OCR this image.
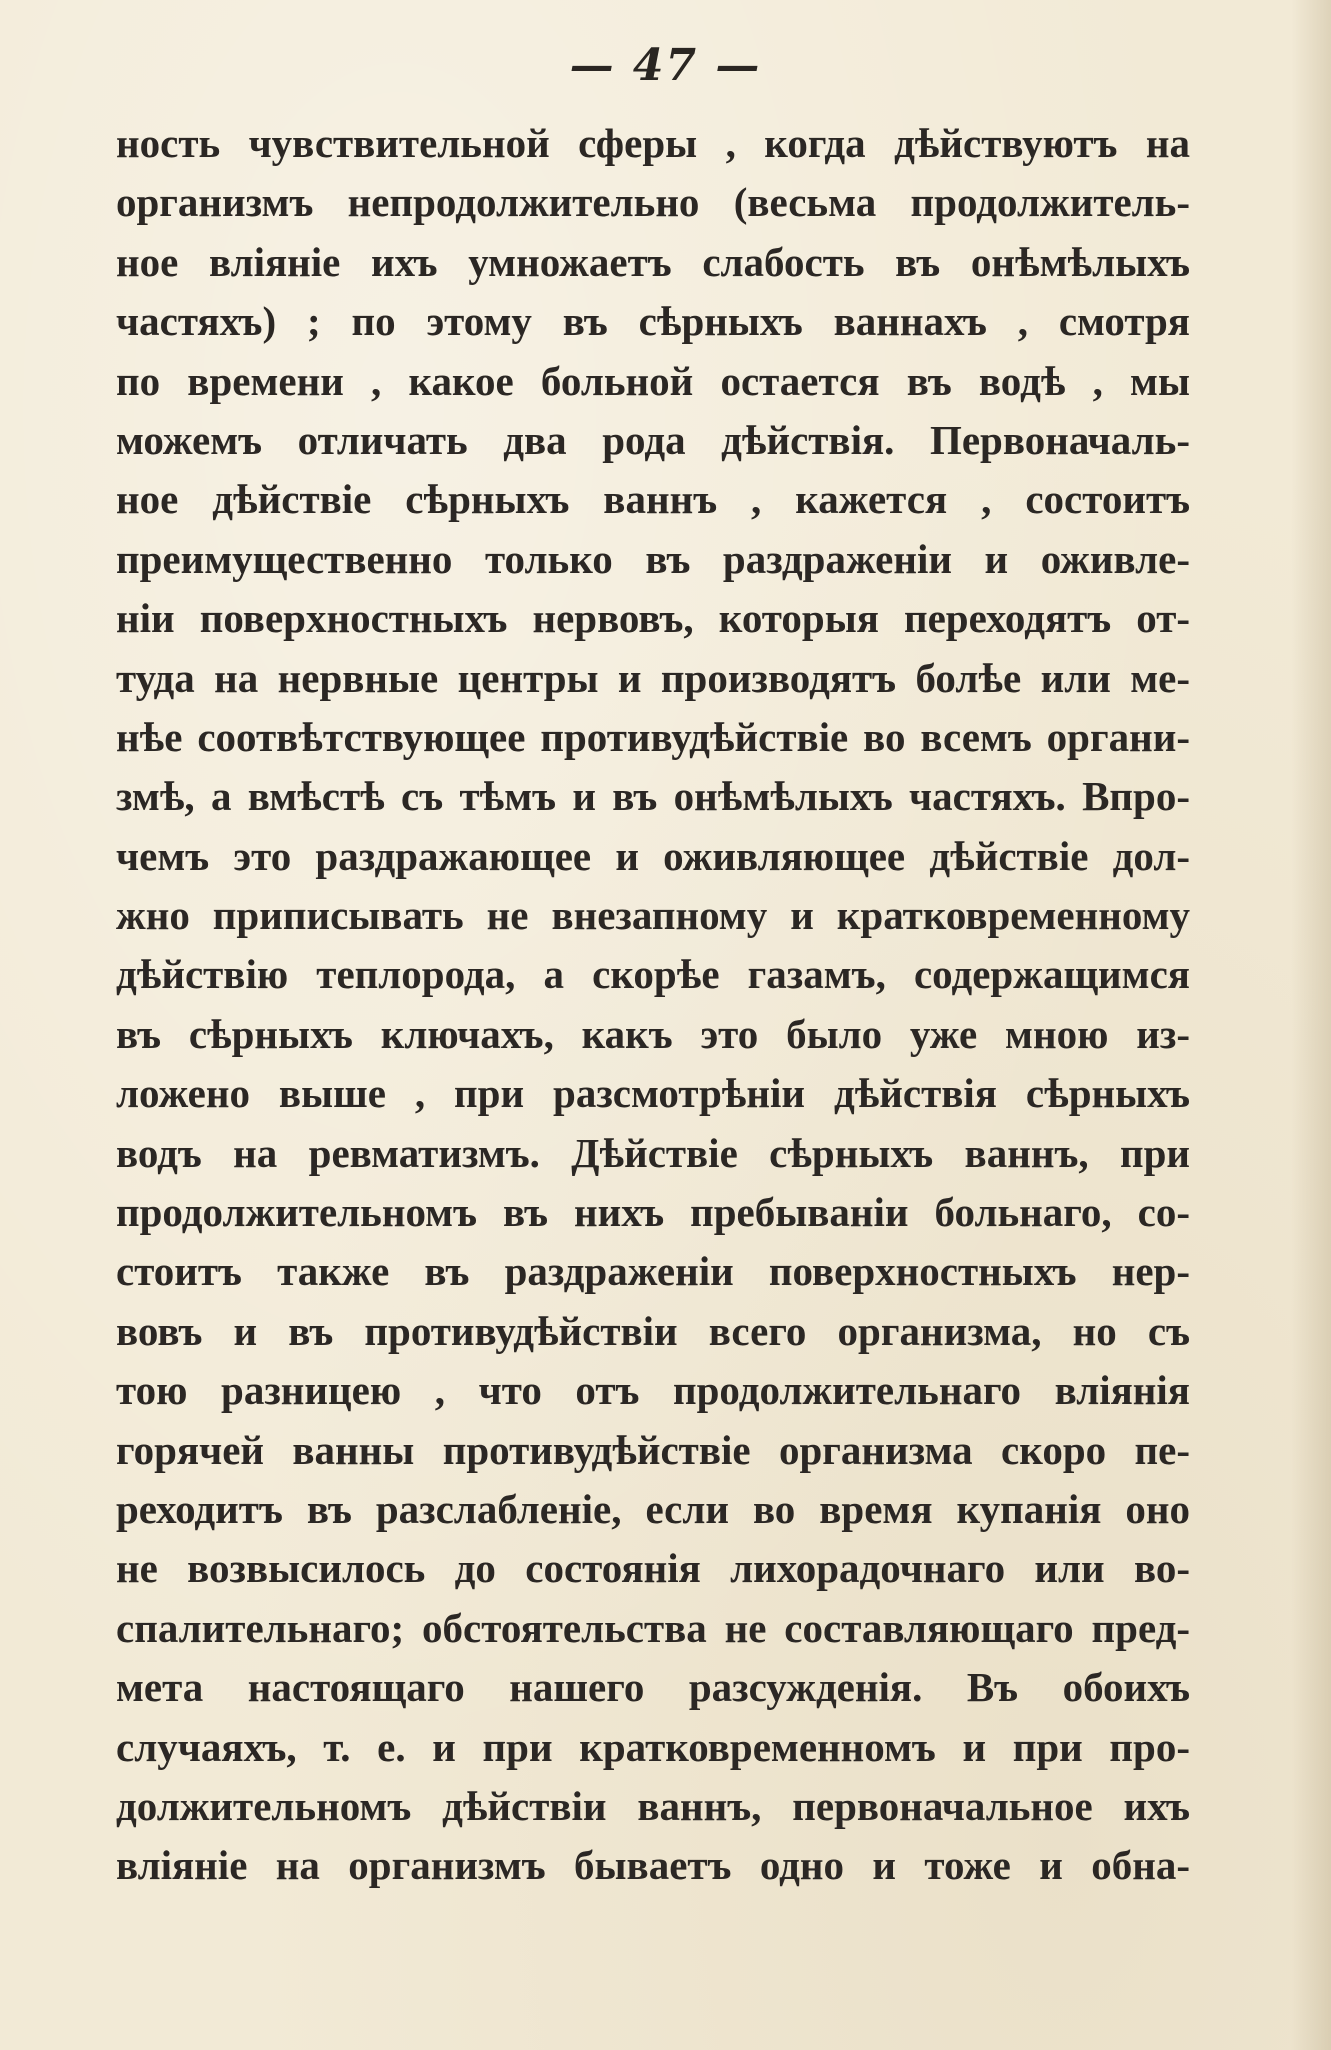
— 47 —
ность чувствительной сферы , когда дѣйствуютъ на
организмъ непродолжительно (весьма продолжитель-
ное вліяніе ихъ умножаетъ слабость въ онѣмѣлыхъ
частяхъ) ; по этому въ сѣрныхъ ваннахъ , смотря
по времени , какое больной остается въ водѣ , мы
можемъ отличать два рода дѣйствія. Первоначаль-
ное дѣйствіе сѣрныхъ ваннъ , кажется , состоитъ
преимущественно только въ раздраженіи и оживле-
ніи поверхностныхъ нервовъ, которыя переходятъ от-
туда на нервные центры и производятъ болѣе или ме-
нѣе соотвѣтствующее противудѣйствіе во всемъ органи-
змѣ, а вмѣстѣ съ тѣмъ и въ онѣмѣлыхъ частяхъ. Впро-
чемъ это раздражающее и оживляющее дѣйствіе дол-
жно приписывать не внезапному и кратковременному
дѣйствію теплорода, а скорѣе газамъ, содержащимся
въ сѣрныхъ ключахъ, какъ это было уже мною из-
ложено выше , при разсмотрѣніи дѣйствія сѣрныхъ
водъ на ревматизмъ. Дѣйствіе сѣрныхъ ваннъ, при
продолжительномъ въ нихъ пребываніи больнаго, со-
стоитъ также въ раздраженіи поверхностныхъ нер-
вовъ и въ противудѣйствіи всего организма, но съ
тою разницею , что отъ продолжительнаго вліянія
горячей ванны противудѣйствіе организма скоро пе-
реходитъ въ разслабленіе, если во время купанія оно
не возвысилось до состоянія лихорадочнаго или во-
спалительнаго; обстоятельства не составляющаго пред-
мета настоящаго нашего разсужденія. Въ обоихъ
случаяхъ, т. е. и при кратковременномъ и при про-
должительномъ дѣйствіи ваннъ, первоначальное ихъ
вліяніе на организмъ бываетъ одно и тоже и обна-
